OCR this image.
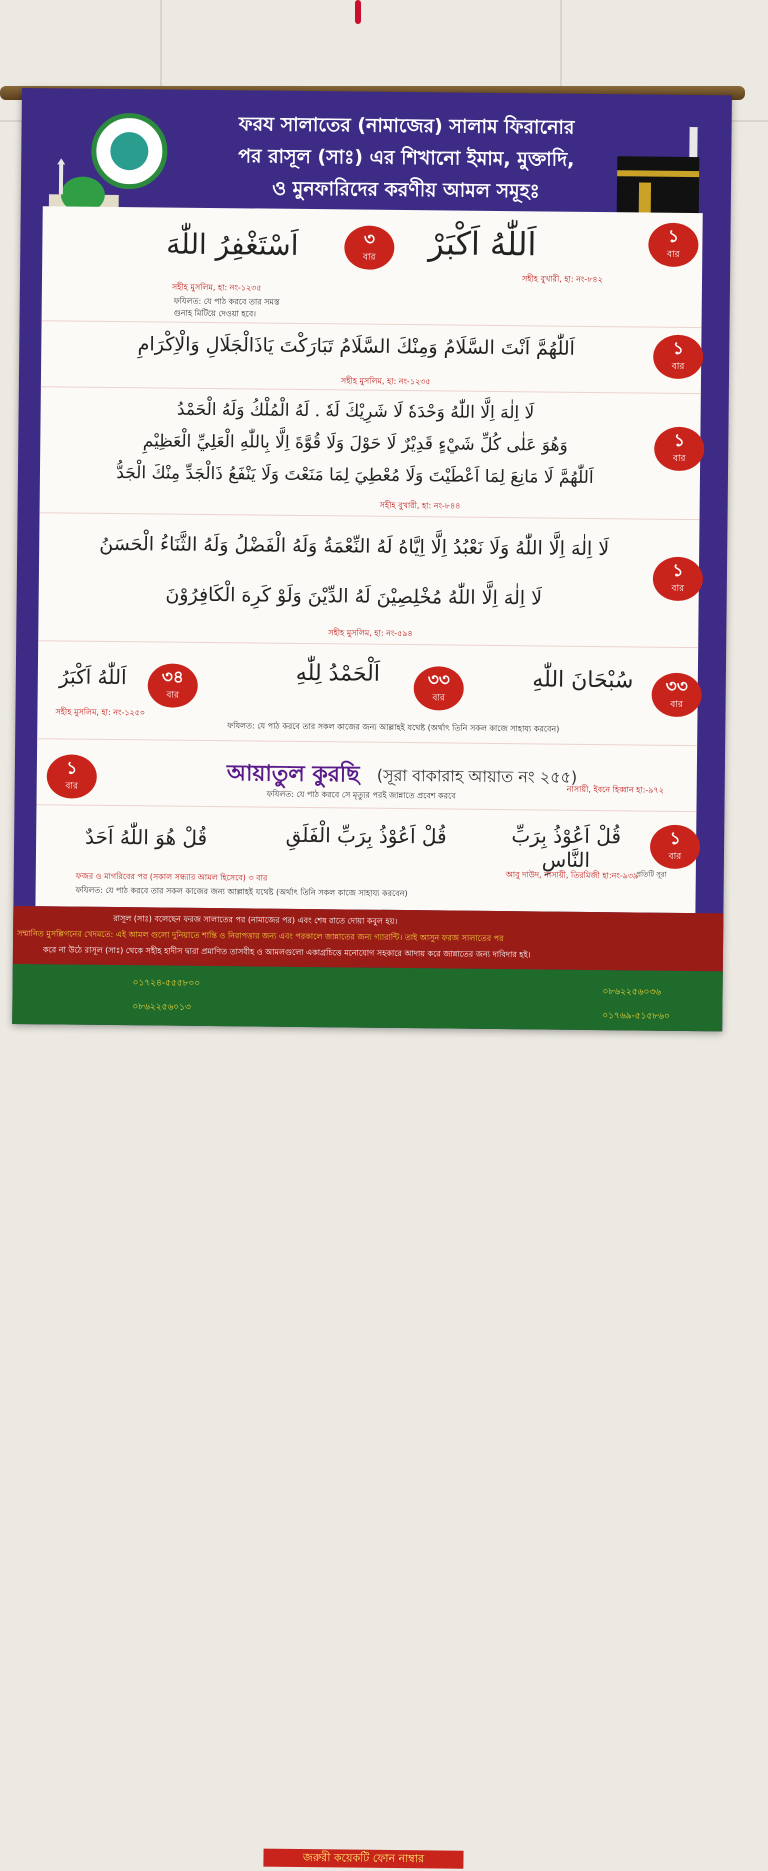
ফরয সালাতের (নামাজের) সালাম ফিরানোর
পর রাসূল (সাঃ) এর শিখানো ইমাম, মুক্তাদি,
ও মুনফারিদের করণীয় আমল সমূহঃ
اَللّٰهُ اَكْبَرْ	১
বার
সহীহ বুখারী, হা: নং-৮৪২
اَسْتَغْفِرُ اللّٰهَ	৩
বার
সহীহ মুসলিম, হা: নং-১২৩৫
ফযিলত: যে পাঠ করবে তার সমস্ত
গুনাহ মিটিয়ে দেওয়া হবে।
اَللّٰهُمَّ اَنْتَ السَّلَامُ وَمِنْكَ السَّلَامُ تَبَارَكْتَ يَاذَالْجَلَالِ وَالْاِكْرَامِ	১
বার
সহীহ মুসলিম, হা: নং-১২৩৫
لَا اِلٰهَ اِلَّا اللّٰهُ وَحْدَهٗ لَا شَرِيْكَ لَهٗ . لَهُ الْمُلْكُ وَلَهُ الْحَمْدُ
وَهُوَ عَلٰى كُلِّ شَيْءٍ قَدِيْرٌ لَا حَوْلَ وَلَا قُوَّةَ اِلَّا بِاللّٰهِ الْعَلِيِّ الْعَظِيْمِ
اَللّٰهُمَّ لَا مَانِعَ لِمَا اَعْطَيْتَ وَلَا مُعْطِيَ لِمَا مَنَعْتَ وَلَا يَنْفَعُ ذَالْجَدِّ مِنْكَ الْجَدُّ
১
বার
সহীহ বুখারী, হা: নং-৮৪৪
لَا اِلٰهَ اِلَّا اللّٰهُ وَلَا نَعْبُدُ اِلَّا اِيَّاهُ لَهُ النِّعْمَةُ وَلَهُ الْفَضْلُ وَلَهُ الثَّنَاءُ الْحَسَنُ
لَا اِلٰهَ اِلَّا اللّٰهُ مُخْلِصِيْنَ لَهُ الدِّيْنَ وَلَوْ كَرِهَ الْكَافِرُوْنَ
১
বার
সহীহ মুসলিম, হা: নং-৫৯৪
سُبْحَانَ اللّٰهِ	৩৩
বার
اَلْحَمْدُ لِلّٰهِ	৩৩
বার
اَللّٰهُ اَكْبَرُ	৩৪
বার
সহীহ মুসলিম, হা: নং-১২৫০
ফযিলত: যে পাঠ করবে তার সকল কাজের জন্য আল্লাহই যথেষ্ট (অর্থাৎ তিনি সকল কাজে সাহায্য করবেন)
১
বার	আয়াতুল কুরছি (সূরা বাকারাহ আয়াত নং ২৫৫)
ফযিলত: যে পাঠ করবে সে মৃত্যুর পরই জান্নাতে প্রবেশ করবে	নাসায়ী, ইবনে হিব্বান হা:-৯৭২
قُلْ اَعُوْذُ بِرَبِّ النَّاسِ
১
বার
প্রতিটি সূরা
قُلْ اَعُوْذُ بِرَبِّ الْفَلَقِ
قُلْ هُوَ اللّٰهُ اَحَدٌ
আবু দাউদ, নাসায়ী, তিরমিজী হা:নং-৯৩৯
ফজর ও মাগরিবের পর (সকাল সন্ধ্যার আমল হিসেবে) ৩ বার
ফযিলত: যে পাঠ করবে তার সকল কাজের জন্য আল্লাহই যথেষ্ট (অর্থাৎ তিনি সকল কাজে সাহায্য করবেন)
রাসূল (সাঃ) বলেছেন ফরজ সালাতের পর (নামাজের পর) এবং শেষ রাতে দোয়া কবুল হয়।
সম্মানিত মুসল্লিগনের খেদমতে: এই আমল গুলো দুনিয়াতে শান্তি ও নিরাপত্তার জন্য এবং পরকালে জান্নাতের জন্য গ্যারান্টি। তাই আসুন ফরজ সালাতের পর
করে না উঠে রাসূল (সাঃ) থেকে সহীহ হাদীস দ্বারা প্রমাণিত তাসবীহ ও আমলগুলো একাগ্রচিত্তে মনোযোগ সহকারে আদায় করে জান্নাতের জন্য দাবিদার হই।
জরুরী কয়েকটি ফোন নাম্বার
০১৭২৪-৫৫৫৮০০
০৮৬২২৫৬০১৩
০৮৬২২৫৬০৩৬
০১৭৬৯-৫১৫৮৬০
